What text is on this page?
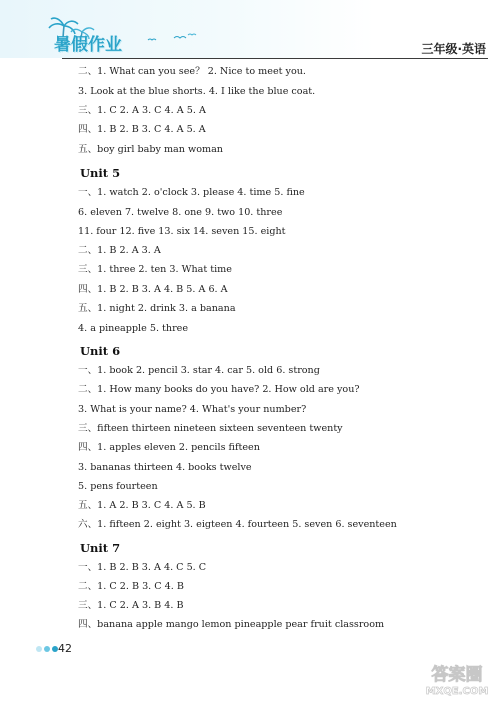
暑假作业	三年级·英语
二、1. What can you see？ 2. Nice to meet you.
3. Look at the blue shorts. 4. I like the blue coat.
三、1. C 2. A 3. C 4. A 5. A
四、1. B 2. B 3. C 4. A 5. A
五、boy girl baby man woman
Unit 5
一、1. watch 2. o'clock 3. please 4. time 5. fine
6. eleven 7. twelve 8. one 9. two 10. three
11. four 12. five 13. six 14. seven 15. eight
二、1. B 2. A 3. A
三、1. three 2. ten 3. What time
四、1. B 2. B 3. A 4. B 5. A 6. A
五、1. night 2. drink 3. a banana
4. a pineapple 5. three
Unit 6
一、1. book 2. pencil 3. star 4. car 5. old 6. strong
二、1. How many books do you have? 2. How old are you?
3. What is your name? 4. What's your number?
三、fifteen thirteen nineteen sixteen seventeen twenty
四、1. apples eleven 2. pencils fifteen
3. bananas thirteen 4. books twelve
5. pens fourteen
五、1. A 2. B 3. C 4. A 5. B
六、1. fifteen 2. eight 3. eigteen 4. fourteen 5. seven 6. seventeen
Unit 7
一、1. B 2. B 3. A 4. C 5. C
二、1. C 2. B 3. C 4. B
三、1. C 2. A 3. B 4. B
四、banana apple mango lemon pineapple pear fruit classroom
42
答案圈
MXQE.COM
